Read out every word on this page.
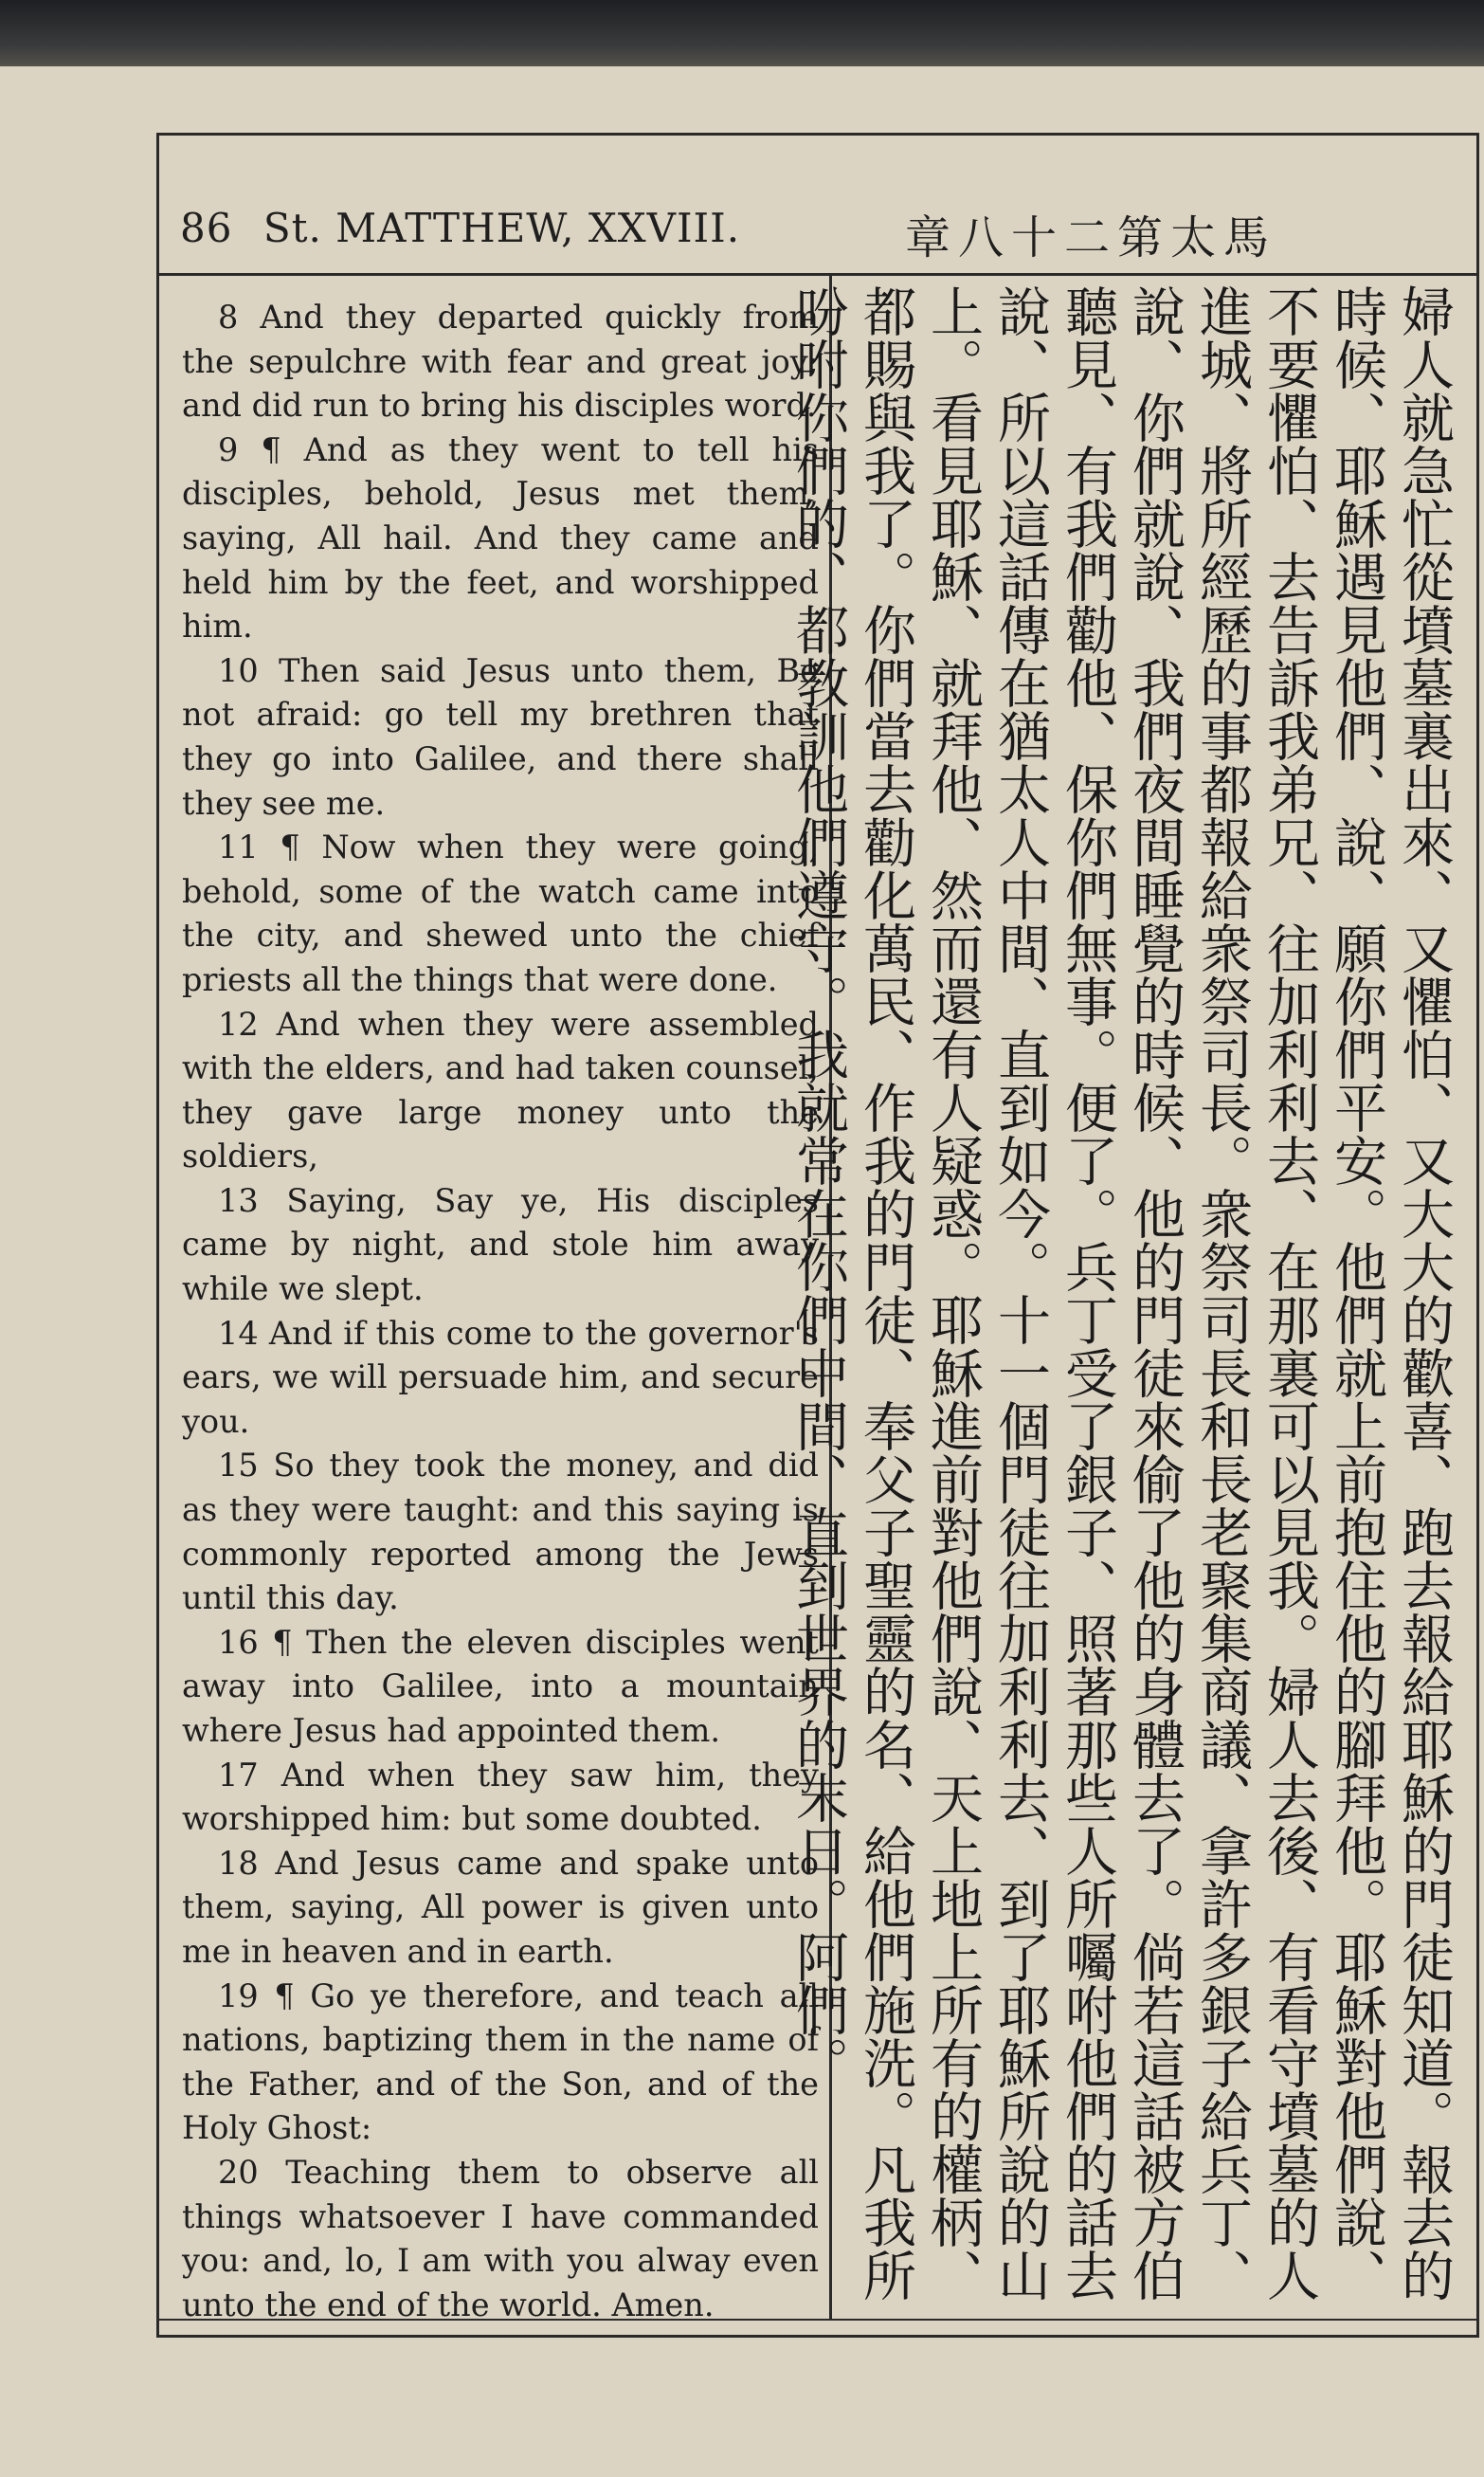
86 St. MATTHEW, XXVIII.	章八十二第太馬

8 And they departed quickly from the sepulchre with fear and great joy; and did run to bring his disciples word.

9 ¶ And as they went to tell his disciples, behold, Jesus met them, saying, All hail. And they came and held him by the feet, and worshipped him.

10 Then said Jesus unto them, Be not afraid: go tell my brethren that they go into Galilee, and there shall they see me.

11 ¶ Now when they were going, behold, some of the watch came into the city, and shewed unto the chief priests all the things that were done.

12 And when they were assembled with the elders, and had taken counsel, they gave large money unto the soldiers,

13 Saying, Say ye, His disciples came by night, and stole him away while we slept.

14 And if this come to the governor's ears, we will persuade him, and secure you.

15 So they took the money, and did as they were taught: and this saying is commonly reported among the Jews until this day.

16 ¶ Then the eleven disciples went away into Galilee, into a mountain where Jesus had appointed them.

17 And when they saw him, they worshipped him: but some doubted.

18 And Jesus came and spake unto them, saying, All power is given unto me in heaven and in earth.

19 ¶ Go ye therefore, and teach all nations, baptizing them in the name of the Father, and of the Son, and of the Holy Ghost:

20 Teaching them to observe all things whatsoever I have commanded you: and, lo, I am with you alway even unto the end of the world. Amen.

婦人就急忙從墳墓裏出來、又懼怕、又大大的歡喜、跑去報給耶穌的門徒知道。報去的時候、耶穌遇見他們、說、願你們平安。他們就上前抱住他的腳拜他。耶穌對他們說、不要懼怕、去告訴我弟兄、往加利利去、在那裏可以見我。婦人去後、有看守墳墓的人進城、將所經歷的事都報給衆祭司長。衆祭司長和長老聚集商議、拿許多銀子給兵丁、說、你們就說、我們夜間睡覺的時候、他的門徒來偷了他的身體去了。倘若這話被方伯聽見、有我們勸他、保你們無事。便了。兵丁受了銀子、照著那些人所囑咐他們的話去說、所以這話傳在猶太人中間、直到如今。十一個門徒往加利利去、到了耶穌所說的山上。看見耶穌、就拜他、然而還有人疑惑。耶穌進前對他們說、天上地上所有的權柄、都賜與我了。你們當去勸化萬民、作我的門徒、奉父子聖靈的名、給他們施洗。凡我所吩咐你們的、都教訓他們遵守。我就常在你們中間、直到世界的末日。阿們。
